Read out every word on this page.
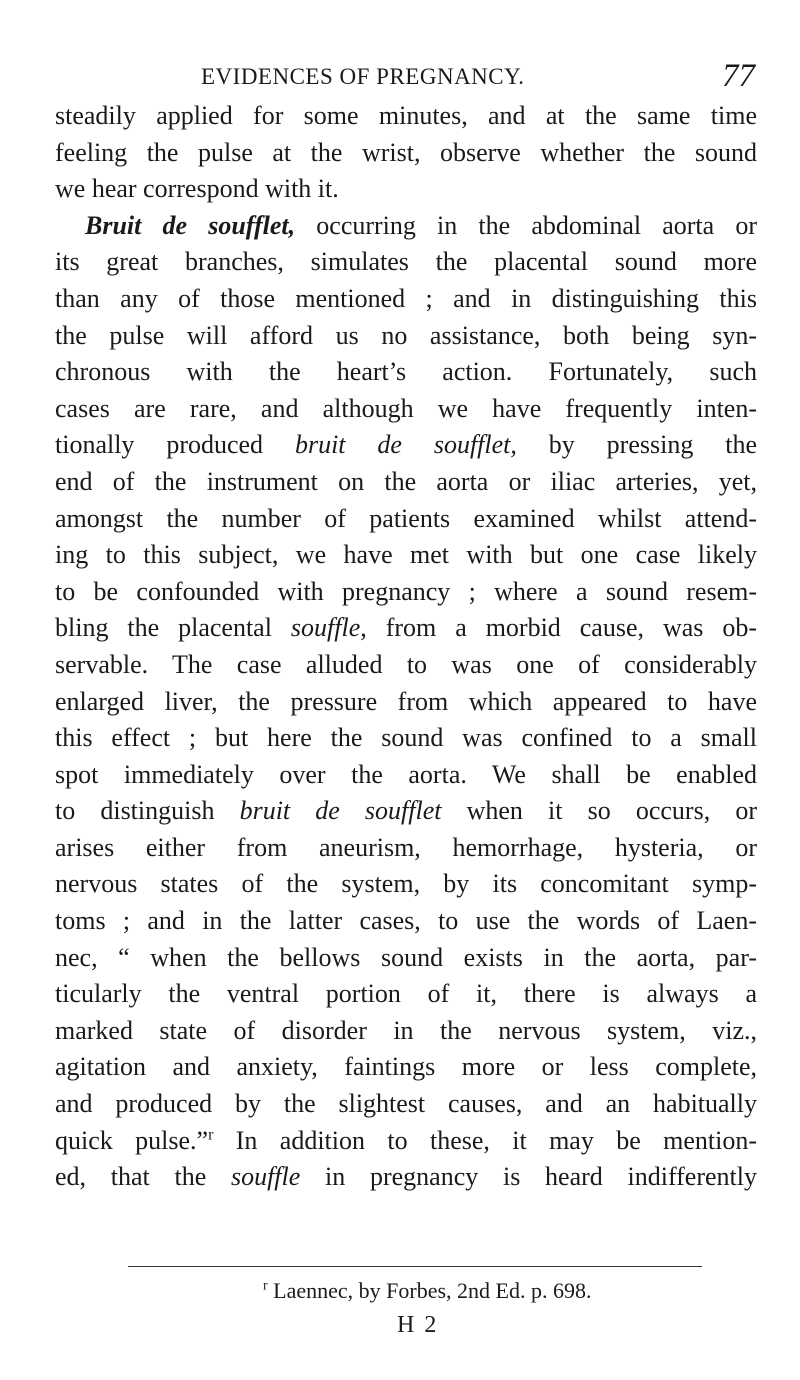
EVIDENCES OF PREGNANCY.	77
steadily applied for some minutes, and at the same time
feeling the pulse at the wrist, observe whether the sound
we hear correspond with it.
Bruit de soufflet, occurring in the abdominal aorta or
its great branches, simulates the placental sound more
than any of those mentioned ; and in distinguishing this
the pulse will afford us no assistance, both being syn-
chronous with the heart’s action. Fortunately, such
cases are rare, and although we have frequently inten-
tionally produced bruit de soufflet, by pressing the
end of the instrument on the aorta or iliac arteries, yet,
amongst the number of patients examined whilst attend-
ing to this subject, we have met with but one case likely
to be confounded with pregnancy ; where a sound resem-
bling the placental souffle, from a morbid cause, was ob-
servable. The case alluded to was one of considerably
enlarged liver, the pressure from which appeared to have
this effect ; but here the sound was confined to a small
spot immediately over the aorta. We shall be enabled
to distinguish bruit de soufflet when it so occurs, or
arises either from aneurism, hemorrhage, hysteria, or
nervous states of the system, by its concomitant symp-
toms ; and in the latter cases, to use the words of Laen-
nec, “ when the bellows sound exists in the aorta, par-
ticularly the ventral portion of it, there is always a
marked state of disorder in the nervous system, viz.,
agitation and anxiety, faintings more or less complete,
and produced by the slightest causes, and an habitually
quick pulse.”$^r$ In addition to these, it may be mention-
ed, that the souffle in pregnancy is heard indifferently
$^r$ Laennec, by Forbes, 2nd Ed. p. 698.
H 2
